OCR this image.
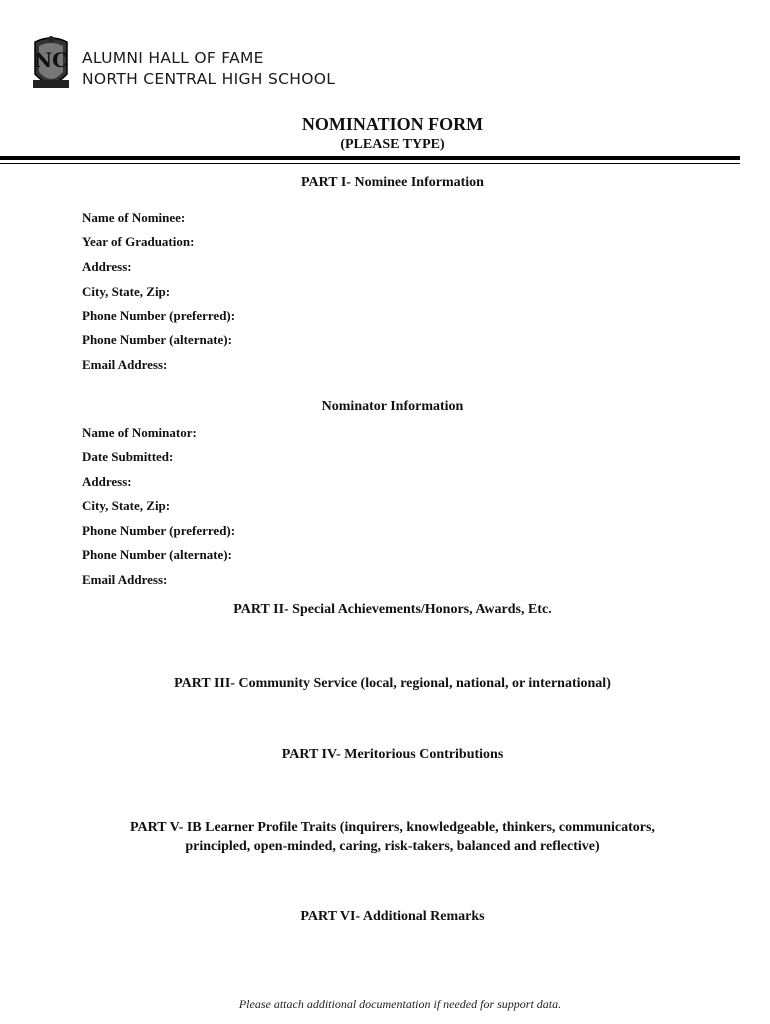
NC ALUMNI HALL OF FAME
NORTH CENTRAL HIGH SCHOOL
NOMINATION FORM
(PLEASE TYPE)
PART I- Nominee Information
Name of Nominee:
Year of Graduation:
Address:
City, State, Zip:
Phone Number (preferred):
Phone Number (alternate):
Email Address:
Nominator Information
Name of Nominator:
Date Submitted:
Address:
City, State, Zip:
Phone Number (preferred):
Phone Number (alternate):
Email Address:
PART II- Special Achievements/Honors, Awards, Etc.
PART III- Community Service (local, regional, national, or international)
PART IV- Meritorious Contributions
PART V- IB Learner Profile Traits (inquirers, knowledgeable, thinkers, communicators,
principled, open-minded, caring, risk-takers, balanced and reflective)
PART VI- Additional Remarks
Please attach additional documentation if needed for support data.
